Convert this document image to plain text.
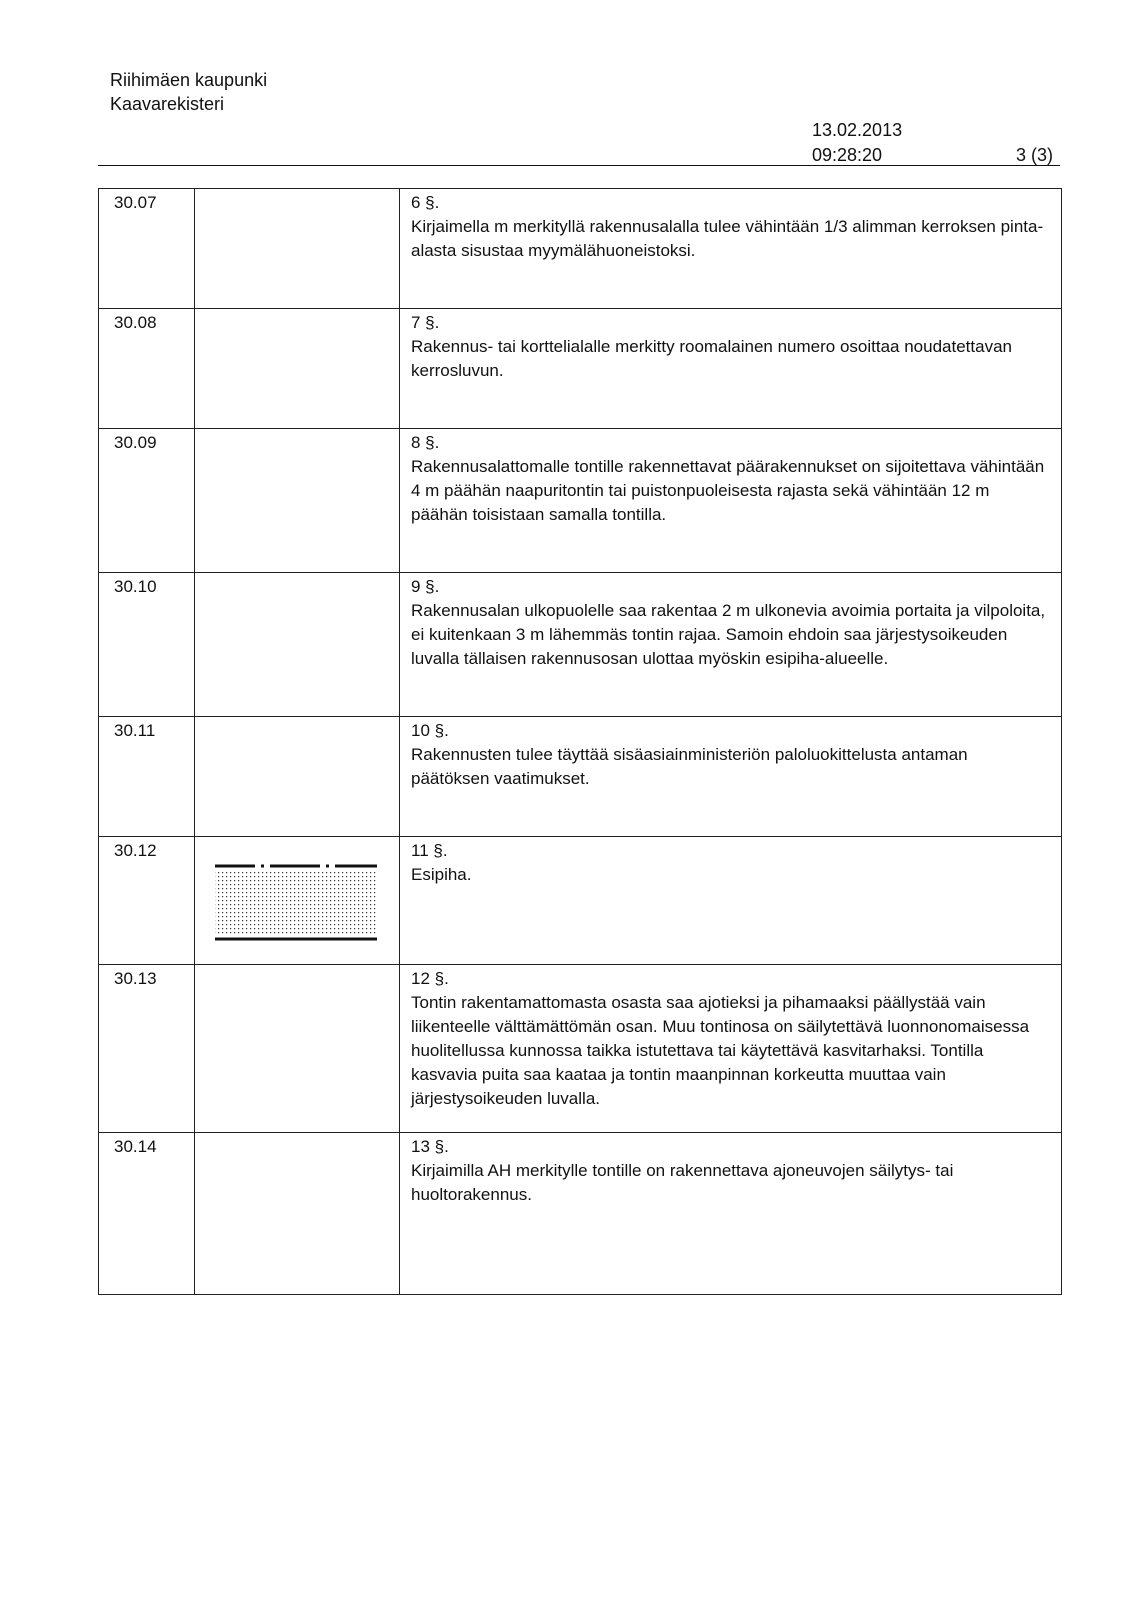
Riihimäen kaupunki
Kaavarekisteri
13.02.2013
09:28:20	3 (3)
30.07		6 §.
Kirjaimella m merkityllä rakennusalalla tulee vähintään 1/3 alimman kerroksen pinta-alasta sisustaa myymälähuoneistoksi.

30.08		7 §.
Rakennus- tai korttelialalle merkitty roomalainen numero osoittaa noudatettavan kerrosluvun.

30.09		8 §.
Rakennusalattomalle tontille rakennettavat päärakennukset on sijoitettava vähintään 4 m päähän naapuritontin tai puistonpuoleisesta rajasta sekä vähintään 12 m päähän toisistaan samalla tontilla.

30.10		9 §.
Rakennusalan ulkopuolelle saa rakentaa 2 m ulkonevia avoimia portaita ja vilpoloita, ei kuitenkaan 3 m lähemmäs tontin rajaa. Samoin ehdoin saa järjestysoikeuden luvalla tällaisen rakennusosan ulottaa myöskin esipiha-alueelle.

30.11		10 §.
Rakennusten tulee täyttää sisäasiainministeriön paloluokittelusta antaman päätöksen vaatimukset.

30.12		11 §.
Esipiha.

30.13		12 §.
Tontin rakentamattomasta osasta saa ajotieksi ja pihamaaksi päällystää vain liikenteelle välttämättömän osan. Muu tontinosa on säilytettävä luonnonomaisessa huolitellussa kunnossa taikka istutettava tai käytettävä kasvitarhaksi. Tontilla kasvavia puita saa kaataa ja tontin maanpinnan korkeutta muuttaa vain järjestysoikeuden luvalla.

30.14		13 §.
Kirjaimilla AH merkitylle tontille on rakennettava ajoneuvojen säilytys- tai huoltorakennus.
